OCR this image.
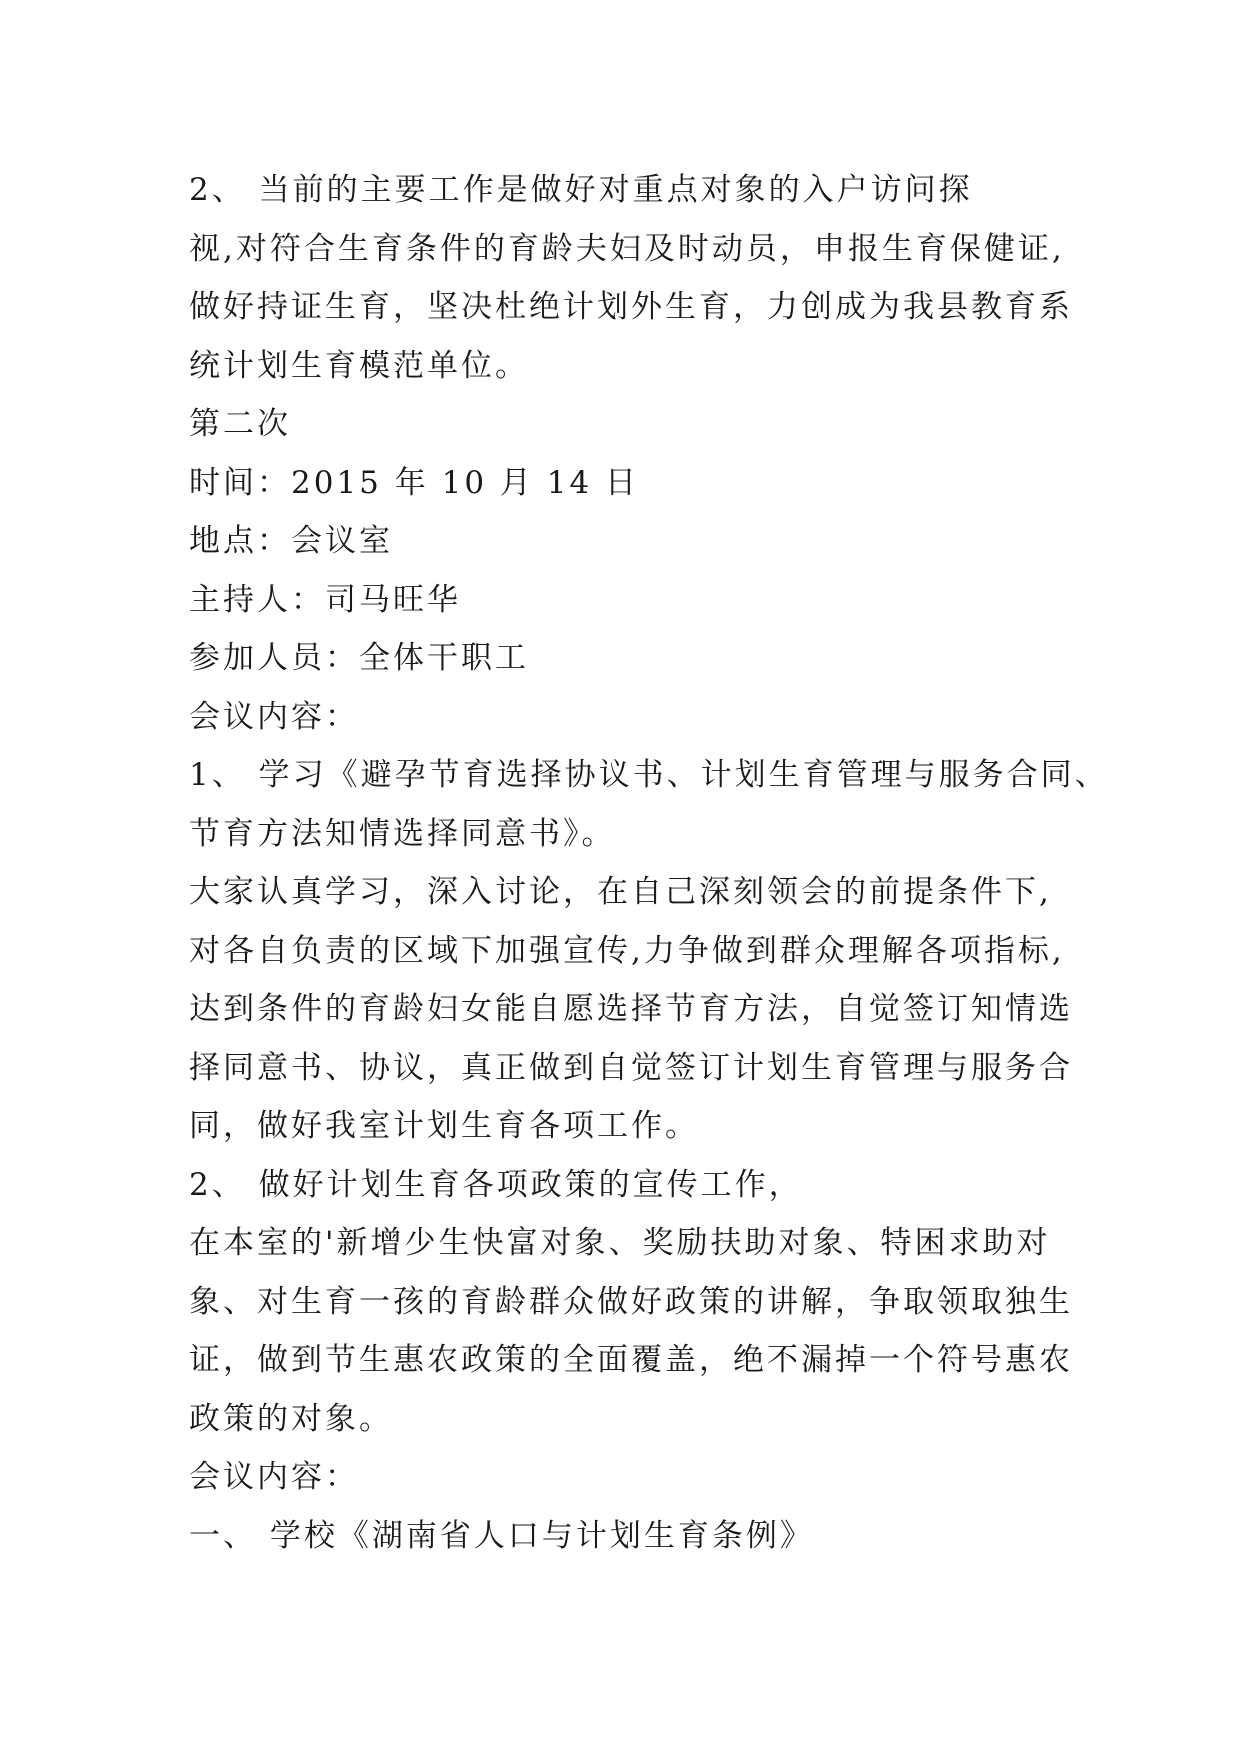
2、 当前的主要工作是做好对重点对象的入户访问探
视,对符合生育条件的育龄夫妇及时动员，申报生育保健证,
做好持证生育，坚决杜绝计划外生育，力创成为我县教育系
统计划生育模范单位。
第二次
时间：2015 年 10 月 14 日
地点：会议室
主持人：司马旺华
参加人员：全体干职工
会议内容：
1、 学习《避孕节育选择协议书、计划生育管理与服务合同、
节育方法知情选择同意书》。
大家认真学习，深入讨论，在自己深刻领会的前提条件下,
对各自负责的区域下加强宣传,力争做到群众理解各项指标,
达到条件的育龄妇女能自愿选择节育方法，自觉签订知情选
择同意书、协议，真正做到自觉签订计划生育管理与服务合
同，做好我室计划生育各项工作。
2、 做好计划生育各项政策的宣传工作，
在本室的'新增少生快富对象、奖励扶助对象、特困求助对
象、对生育一孩的育龄群众做好政策的讲解，争取领取独生
证，做到节生惠农政策的全面覆盖，绝不漏掉一个符号惠农
政策的对象。
会议内容：
一、 学校《湖南省人口与计划生育条例》
